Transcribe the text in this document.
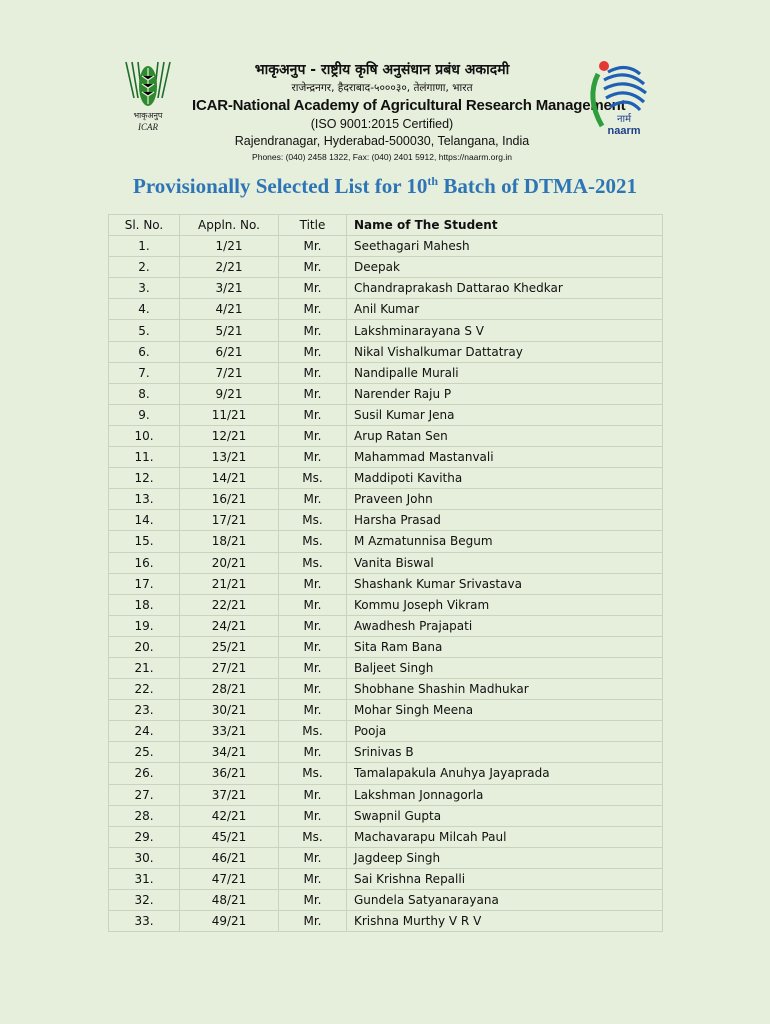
भाकृअनुप
ICAR
भाकृअनुप - राष्ट्रीय कृषि अनुसंधान प्रबंध अकादमी
राजेन्द्रनगर, हैदराबाद-५०००३०, तेलंगाणा, भारत
ICAR-National Academy of Agricultural Research Management
(ISO 9001:2015 Certified)
Rajendranagar, Hyderabad-500030, Telangana, India
Phones: (040) 2458 1322, Fax: (040) 2401 5912, https://naarm.org.in
नार्म
naarm
Provisionally Selected List for 10th Batch of DTMA-2021
Sl. No.	Appln. No.	Title	Name of The Student
1.	1/21	Mr.	Seethagari Mahesh
2.	2/21	Mr.	Deepak
3.	3/21	Mr.	Chandraprakash Dattarao Khedkar
4.	4/21	Mr.	Anil Kumar
5.	5/21	Mr.	Lakshminarayana S V
6.	6/21	Mr.	Nikal Vishalkumar Dattatray
7.	7/21	Mr.	Nandipalle Murali
8.	9/21	Mr.	Narender Raju P
9.	11/21	Mr.	Susil Kumar Jena
10.	12/21	Mr.	Arup Ratan Sen
11.	13/21	Mr.	Mahammad Mastanvali
12.	14/21	Ms.	Maddipoti Kavitha
13.	16/21	Mr.	Praveen John
14.	17/21	Ms.	Harsha Prasad
15.	18/21	Ms.	M Azmatunnisa Begum
16.	20/21	Ms.	Vanita Biswal
17.	21/21	Mr.	Shashank Kumar Srivastava
18.	22/21	Mr.	Kommu Joseph Vikram
19.	24/21	Mr.	Awadhesh Prajapati
20.	25/21	Mr.	Sita Ram Bana
21.	27/21	Mr.	Baljeet Singh
22.	28/21	Mr.	Shobhane Shashin Madhukar
23.	30/21	Mr.	Mohar Singh Meena
24.	33/21	Ms.	Pooja
25.	34/21	Mr.	Srinivas B
26.	36/21	Ms.	Tamalapakula Anuhya Jayaprada
27.	37/21	Mr.	Lakshman Jonnagorla
28.	42/21	Mr.	Swapnil Gupta
29.	45/21	Ms.	Machavarapu Milcah Paul
30.	46/21	Mr.	Jagdeep Singh
31.	47/21	Mr.	Sai Krishna Repalli
32.	48/21	Mr.	Gundela Satyanarayana
33.	49/21	Mr.	Krishna Murthy V R V
